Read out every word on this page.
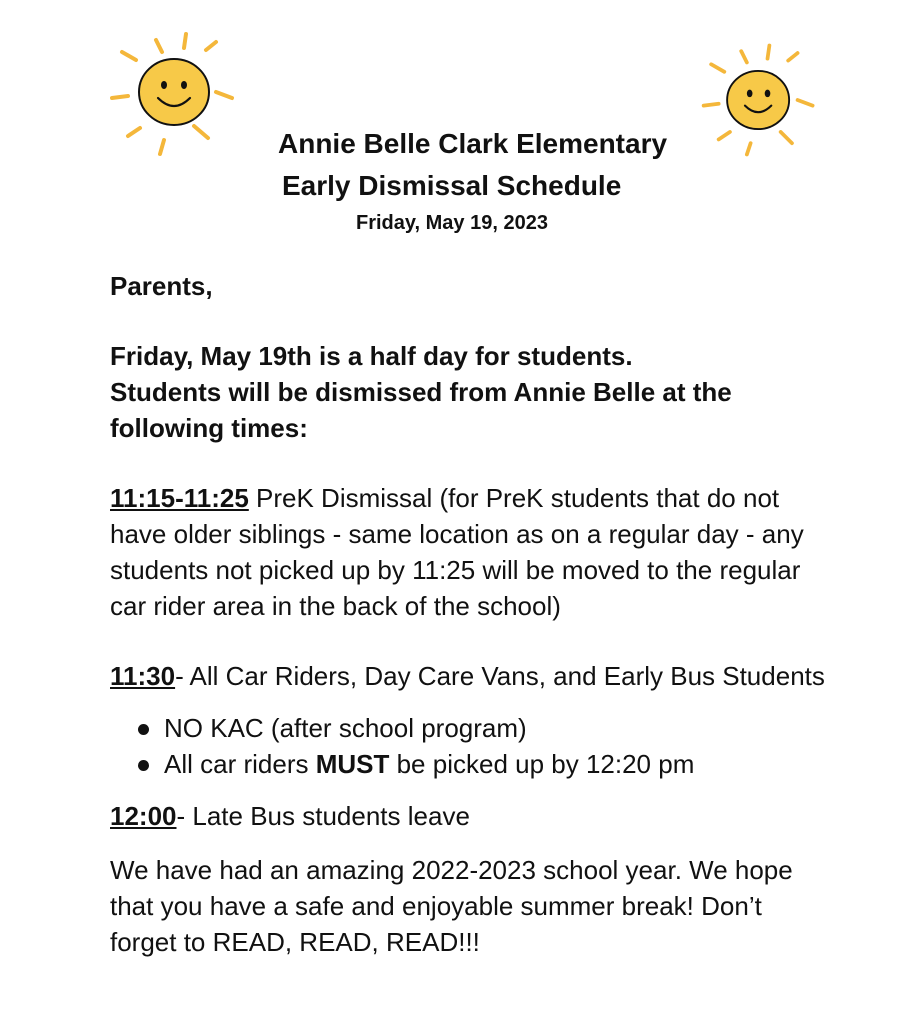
Annie Belle Clark Elementary
Early Dismissal Schedule
Friday, May 19, 2023

Parents,

Friday, May 19th is a half day for students.
Students will be dismissed from Annie Belle at the following times:

11:15-11:25 PreK Dismissal (for PreK students that do not have older siblings - same location as on a regular day - any students not picked up by 11:25 will be moved to the regular car rider area in the back of the school)
11:30- All Car Riders, Day Care Vans, and Early Bus Students
NO KAC (after school program)
All car riders MUST be picked up by 12:20 pm
12:00- Late Bus students leave

We have had an amazing 2022-2023 school year. We hope that you have a safe and enjoyable summer break! Don’t forget to READ, READ, READ!!!
